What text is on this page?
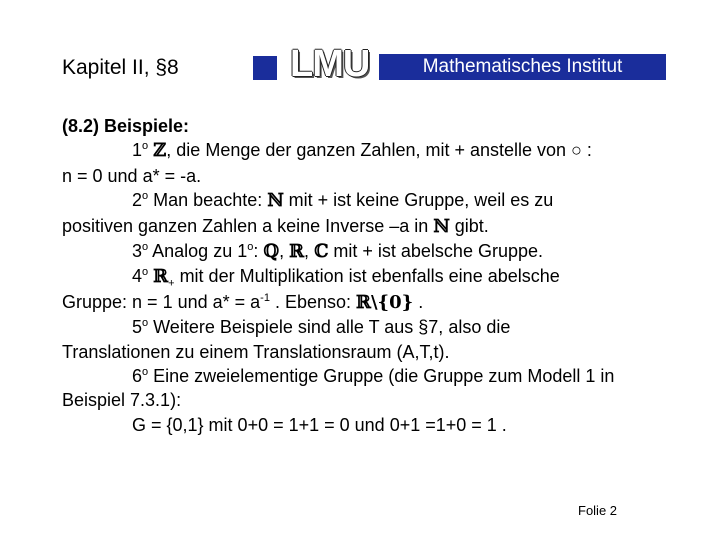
Kapitel II, §8	LMU	Mathematisches Institut
(8.2) Beispiele:
1$^o$ ℤ, die Menge der ganzen Zahlen, mit + anstelle von ○ :
n = 0 und a* = -a.
2$^o$ Man beachte: ℕ mit + ist keine Gruppe, weil es zu
positiven ganzen Zahlen a keine Inverse –a in ℕ gibt.
3$^o$ Analog zu 1$^o$: ℚ, ℝ, ℂ mit + ist abelsche Gruppe.
4$^o$ ℝ$_+$ mit der Multiplikation ist ebenfalls eine abelsche
Gruppe: n = 1 und $a* = a^{-1}$ . Ebenso: ℝ\{0} .
5$^o$ Weitere Beispiele sind alle T aus §7, also die
Translationen zu einem Translationsraum (A,T,t).
6$^o$ Eine zweielementige Gruppe (die Gruppe zum Modell 1 in
Beispiel 7.3.1):
G = {0,1} mit 0+0 = 1+1 = 0 und 0+1 =1+0 = 1 .
Folie 2
